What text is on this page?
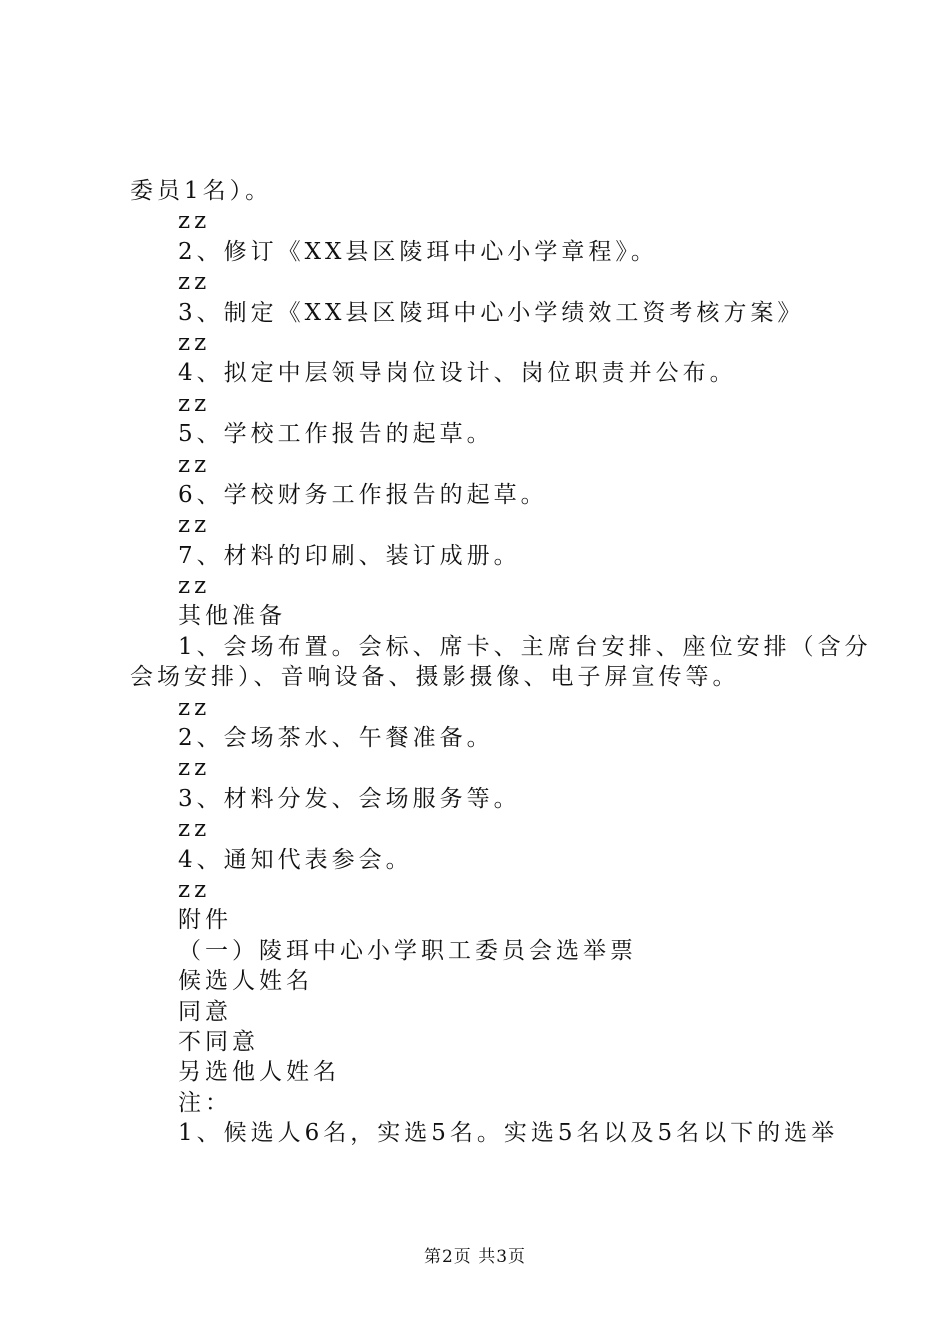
委员1名）。
zz
2、修订《XX县区陵珥中心小学章程》。
zz
3、制定《XX县区陵珥中心小学绩效工资考核方案》
zz
4、拟定中层领导岗位设计、岗位职责并公布。
zz
5、学校工作报告的起草。
zz
6、学校财务工作报告的起草。
zz
7、材料的印刷、装订成册。
zz
其他准备
1、会场布置。会标、席卡、主席台安排、座位安排（含分
会场安排）、音响设备、摄影摄像、电子屏宣传等。
zz
2、会场茶水、午餐准备。
zz
3、材料分发、会场服务等。
zz
4、通知代表参会。
zz
附件
（一）陵珥中心小学职工委员会选举票
候选人姓名
同意
不同意
另选他人姓名
注：
1、候选人6名，实选5名。实选5名以及5名以下的选举
第2页 共3页
